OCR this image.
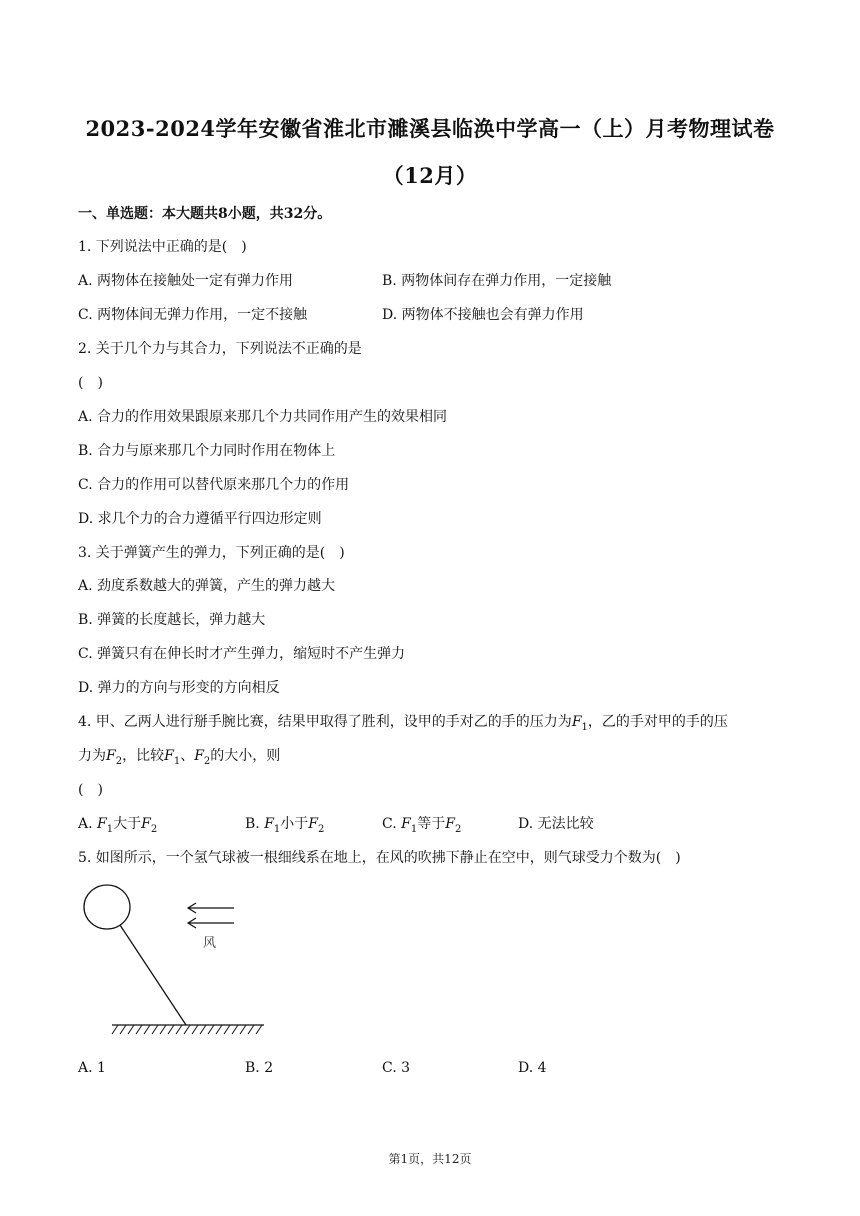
2023-2024学年安徽省淮北市濉溪县临涣中学高一（上）月考物理试卷
（12月）
一、单选题：本大题共8小题，共32分。
1. 下列说法中正确的是(　)
A. 两物体在接触处一定有弹力作用	B. 两物体间存在弹力作用，一定接触
C. 两物体间无弹力作用，一定不接触	D. 两物体不接触也会有弹力作用
2. 关于几个力与其合力，下列说法不正确的是
(　)
A. 合力的作用效果跟原来那几个力共同作用产生的效果相同
B. 合力与原来那几个力同时作用在物体上
C. 合力的作用可以替代原来那几个力的作用
D. 求几个力的合力遵循平行四边形定则
3. 关于弹簧产生的弹力，下列正确的是(　)
A. 劲度系数越大的弹簧，产生的弹力越大
B. 弹簧的长度越长，弹力越大
C. 弹簧只有在伸长时才产生弹力，缩短时不产生弹力
D. 弹力的方向与形变的方向相反
4. 甲、乙两人进行掰手腕比赛，结果甲取得了胜利，设甲的手对乙的手的压力为$F_1$，乙的手对甲的手的压
力为$F_2$，比较$F_1$、$F_2$的大小，则
(　)
A. $F_1$大于$F_2$	B. $F_1$小于$F_2$	C. $F_1$等于$F_2$	D. 无法比较
5. 如图所示，一个氢气球被一根细线系在地上，在风的吹拂下静止在空中，则气球受力个数为(　)
风
A. 1	B. 2	C. 3	D. 4
第1页，共12页
